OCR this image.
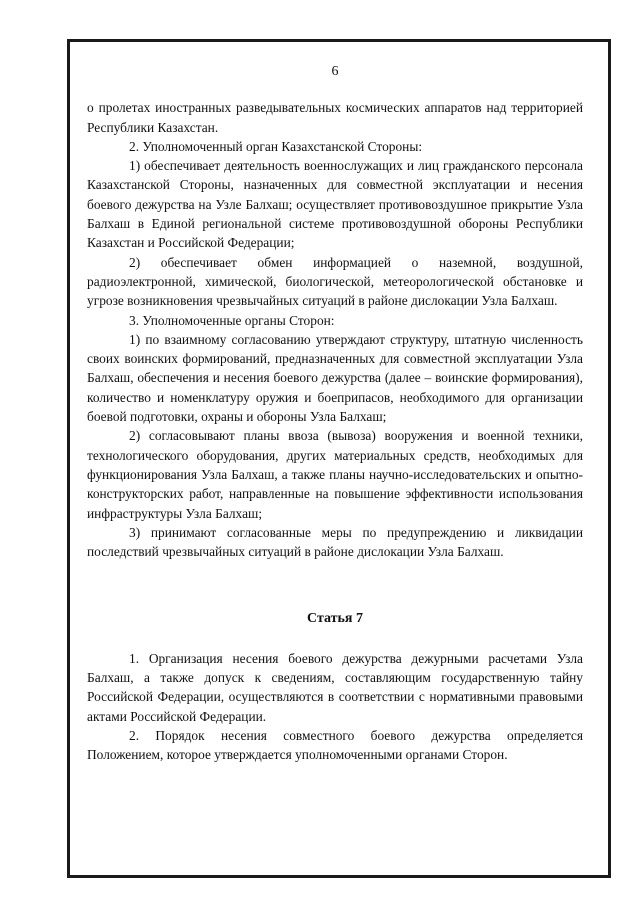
6

о пролетах иностранных разведывательных космических аппаратов над территорией Республики Казахстан.

2. Уполномоченный орган Казахстанской Стороны:

1) обеспечивает деятельность военнослужащих и лиц гражданского персонала Казахстанской Стороны, назначенных для совместной эксплуатации и несения боевого дежурства на Узле Балхаш; осуществляет противовоздушное прикрытие Узла Балхаш в Единой региональной системе противовоздушной обороны Республики Казахстан и Российской Федерации;

2) обеспечивает обмен информацией о наземной, воздушной, радиоэлектронной, химической, биологической, метеорологической обстановке и угрозе возникновения чрезвычайных ситуаций в районе дислокации Узла Балхаш.

3. Уполномоченные органы Сторон:

1) по взаимному согласованию утверждают структуру, штатную численность своих воинских формирований, предназначенных для совместной эксплуатации Узла Балхаш, обеспечения и несения боевого дежурства (далее – воинские формирования), количество и номенклатуру оружия и боеприпасов, необходимого для организации боевой подготовки, охраны и обороны Узла Балхаш;

2) согласовывают планы ввоза (вывоза) вооружения и военной техники, технологического оборудования, других материальных средств, необходимых для функционирования Узла Балхаш, а также планы научно-исследовательских и опытно-конструкторских работ, направленные на повышение эффективности использования инфраструктуры Узла Балхаш;

3) принимают согласованные меры по предупреждению и ликвидации последствий чрезвычайных ситуаций в районе дислокации Узла Балхаш.

Статья 7

1. Организация несения боевого дежурства дежурными расчетами Узла Балхаш, а также допуск к сведениям, составляющим государственную тайну Российской Федерации, осуществляются в соответствии с нормативными правовыми актами Российской Федерации.

2. Порядок несения совместного боевого дежурства определяется Положением, которое утверждается уполномоченными органами Сторон.
